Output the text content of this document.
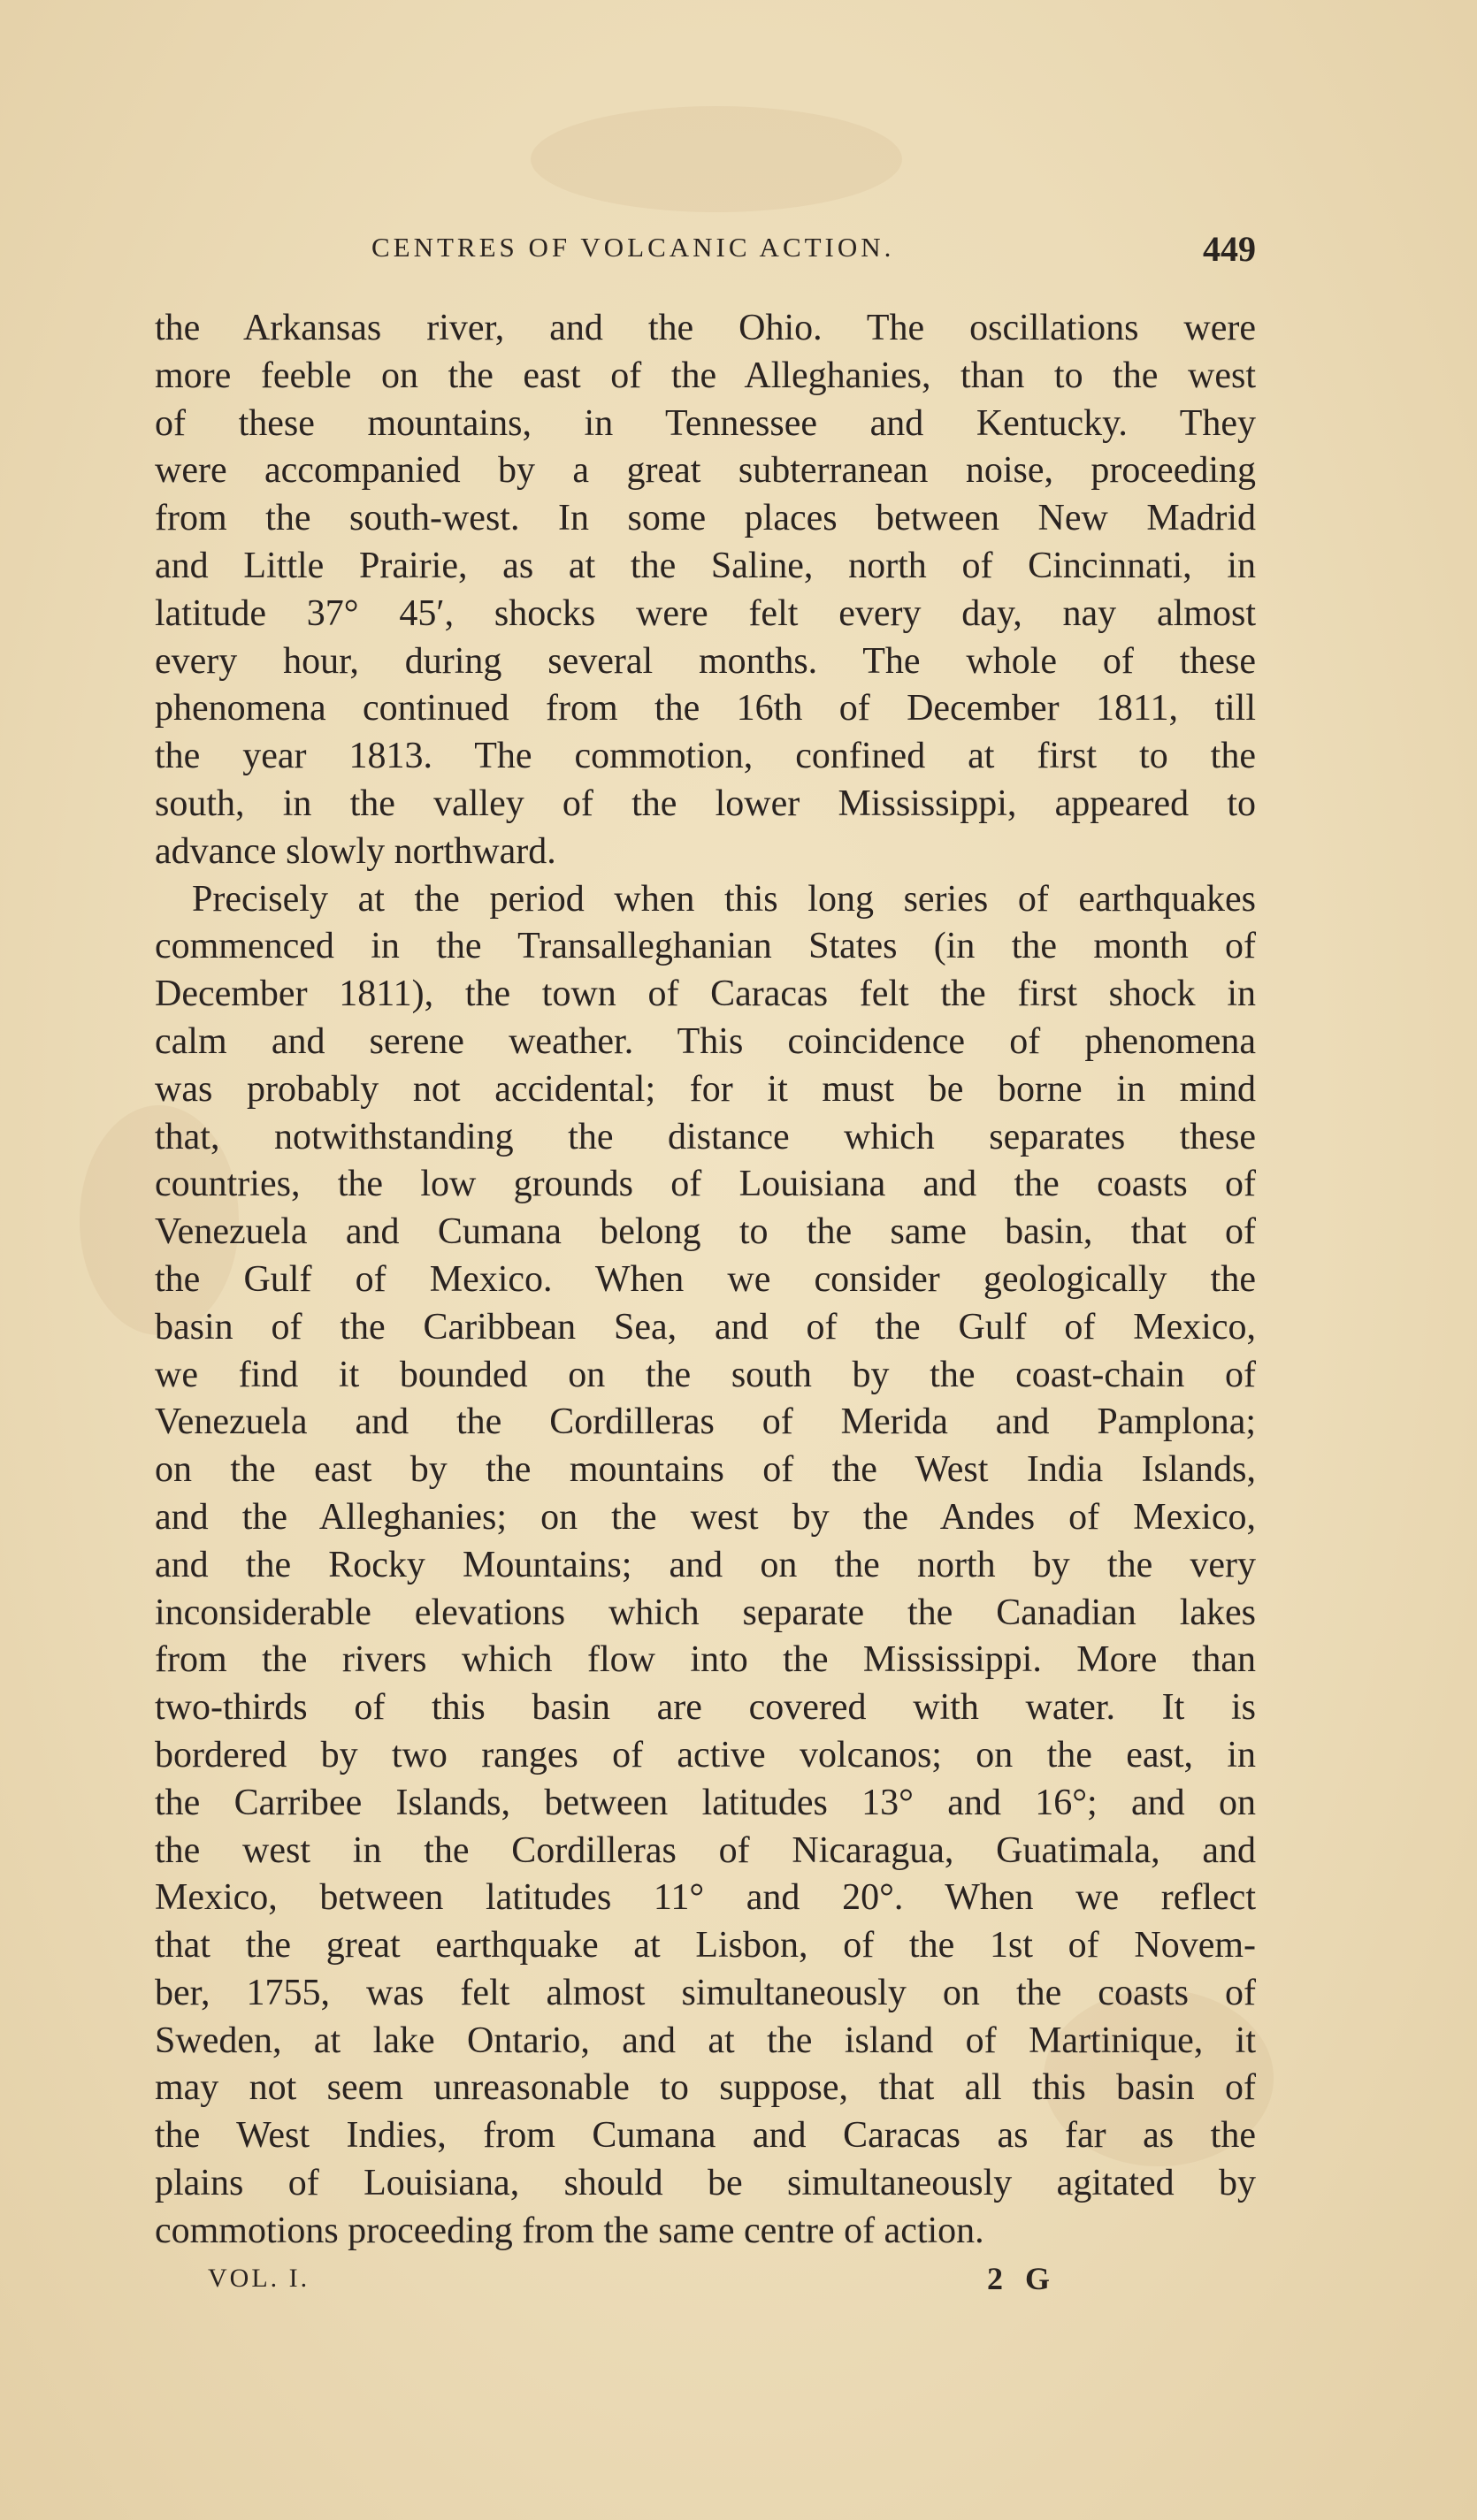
CENTRES OF VOLCANIC ACTION.	449

the Arkansas river, and the Ohio. The oscillations were
more feeble on the east of the Alleghanies, than to the west
of these mountains, in Tennessee and Kentucky. They
were accompanied by a great subterranean noise, proceeding
from the south-west. In some places between New Madrid
and Little Prairie, as at the Saline, north of Cincinnati, in
latitude 37° 45′, shocks were felt every day, nay almost
every hour, during several months. The whole of these
phenomena continued from the 16th of December 1811, till
the year 1813. The commotion, confined at first to the
south, in the valley of the lower Mississippi, appeared to
advance slowly northward.

Precisely at the period when this long series of earthquakes
commenced in the Transalleghanian States (in the month of
December 1811), the town of Caracas felt the first shock in
calm and serene weather. This coincidence of phenomena
was probably not accidental; for it must be borne in mind
that, notwithstanding the distance which separates these
countries, the low grounds of Louisiana and the coasts of
Venezuela and Cumana belong to the same basin, that of
the Gulf of Mexico. When we consider geologically the
basin of the Caribbean Sea, and of the Gulf of Mexico,
we find it bounded on the south by the coast-chain of
Venezuela and the Cordilleras of Merida and Pamplona;
on the east by the mountains of the West India Islands,
and the Alleghanies; on the west by the Andes of Mexico,
and the Rocky Mountains; and on the north by the very
inconsiderable elevations which separate the Canadian lakes
from the rivers which flow into the Mississippi. More than
two-thirds of this basin are covered with water. It is
bordered by two ranges of active volcanos; on the east, in
the Carribee Islands, between latitudes 13° and 16°; and on
the west in the Cordilleras of Nicaragua, Guatimala, and
Mexico, between latitudes 11° and 20°. When we reflect
that the great earthquake at Lisbon, of the 1st of Novem-
ber, 1755, was felt almost simultaneously on the coasts of
Sweden, at lake Ontario, and at the island of Martinique, it
may not seem unreasonable to suppose, that all this basin of
the West Indies, from Cumana and Caracas as far as the
plains of Louisiana, should be simultaneously agitated by
commotions proceeding from the same centre of action.

VOL. I.	2 G
